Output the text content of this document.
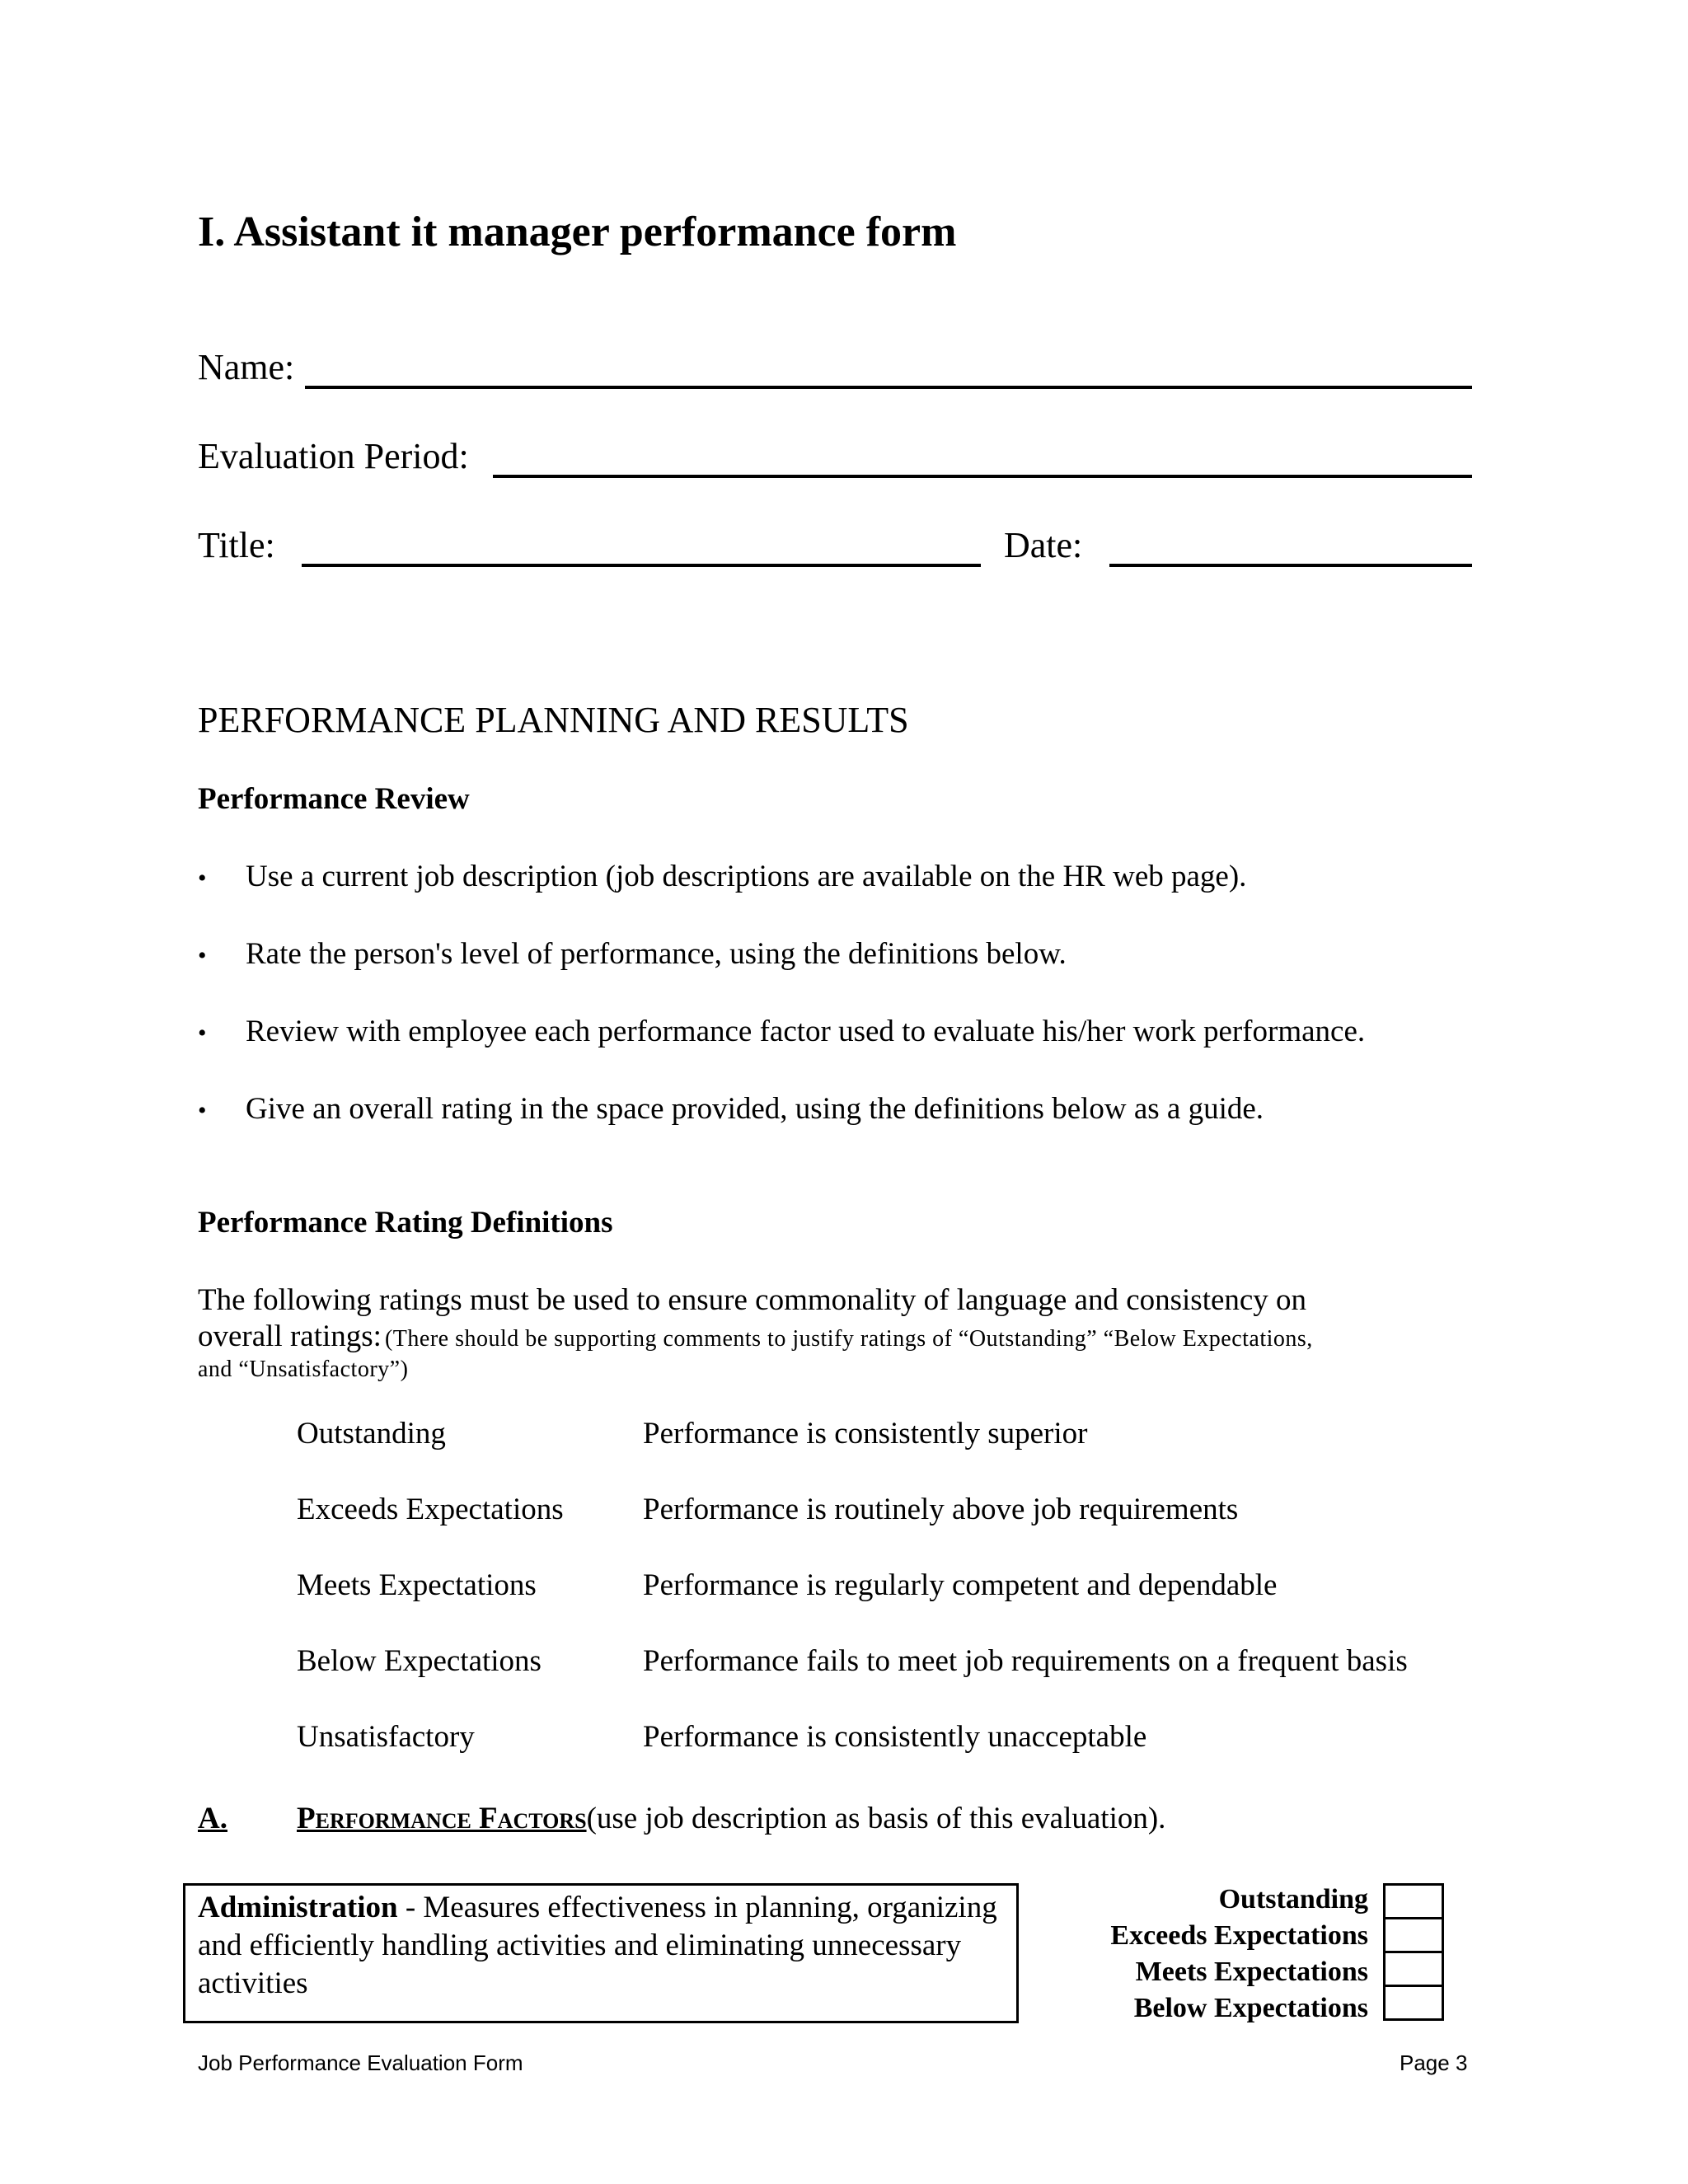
I. Assistant it manager performance form
Name:
Evaluation Period:
Title:	Date:
PERFORMANCE PLANNING AND RESULTS
Performance Review
•	Use a current job description (job descriptions are available on the HR web page).
•	Rate the person's level of performance, using the definitions below.
•	Review with employee each performance factor used to evaluate his/her work performance.
•	Give an overall rating in the space provided, using the definitions below as a guide.
Performance Rating Definitions
The following ratings must be used to ensure commonality of language and consistency on
overall ratings: (There should be supporting comments to justify ratings of “Outstanding” “Below Expectations,
and “Unsatisfactory”)
Outstanding	Performance is consistently superior
Exceeds Expectations	Performance is routinely above job requirements
Meets Expectations	Performance is regularly competent and dependable
Below Expectations	Performance fails to meet job requirements on a frequent basis
Unsatisfactory	Performance is consistently unacceptable
A. Performance Factors(use job description as basis of this evaluation).
Administration - Measures effectiveness in planning, organizing and efficiently handling activities and eliminating unnecessary activities
Outstanding
Exceeds Expectations
Meets Expectations
Below Expectations
Job Performance Evaluation Form	Page 3
